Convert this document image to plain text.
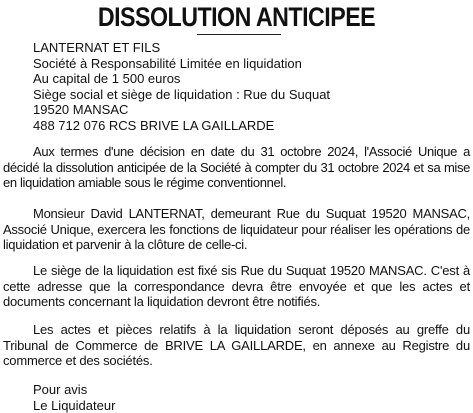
DISSOLUTION ANTICIPEE
LANTERNAT ET FILS
Société à Responsabilité Limitée en liquidation
Au capital de 1 500 euros
Siège social et siège de liquidation : Rue du Suquat
19520 MANSAC
488 712 076 RCS BRIVE LA GAILLARDE

Aux termes d'une décision en date du 31 octobre 2024, l'Associé Unique a décidé la dissolution anticipée de la Société à compter du 31 octobre 2024 et sa mise en liquidation amiable sous le régime conventionnel.

Monsieur David LANTERNAT, demeurant Rue du Suquat 19520 MANSAC, Associé Unique, exercera les fonctions de liquidateur pour réaliser les opérations de liquidation et parvenir à la clôture de celle-ci.

Le siège de la liquidation est fixé sis Rue du Suquat 19520 MANSAC. C'est à cette adresse que la correspondance devra être envoyée et que les actes et documents concernant la liquidation devront être notifiés.

Les actes et pièces relatifs à la liquidation seront déposés au greffe du Tribunal de Commerce de BRIVE LA GAILLARDE, en annexe au Registre du commerce et des sociétés.

Pour avis
Le Liquidateur
